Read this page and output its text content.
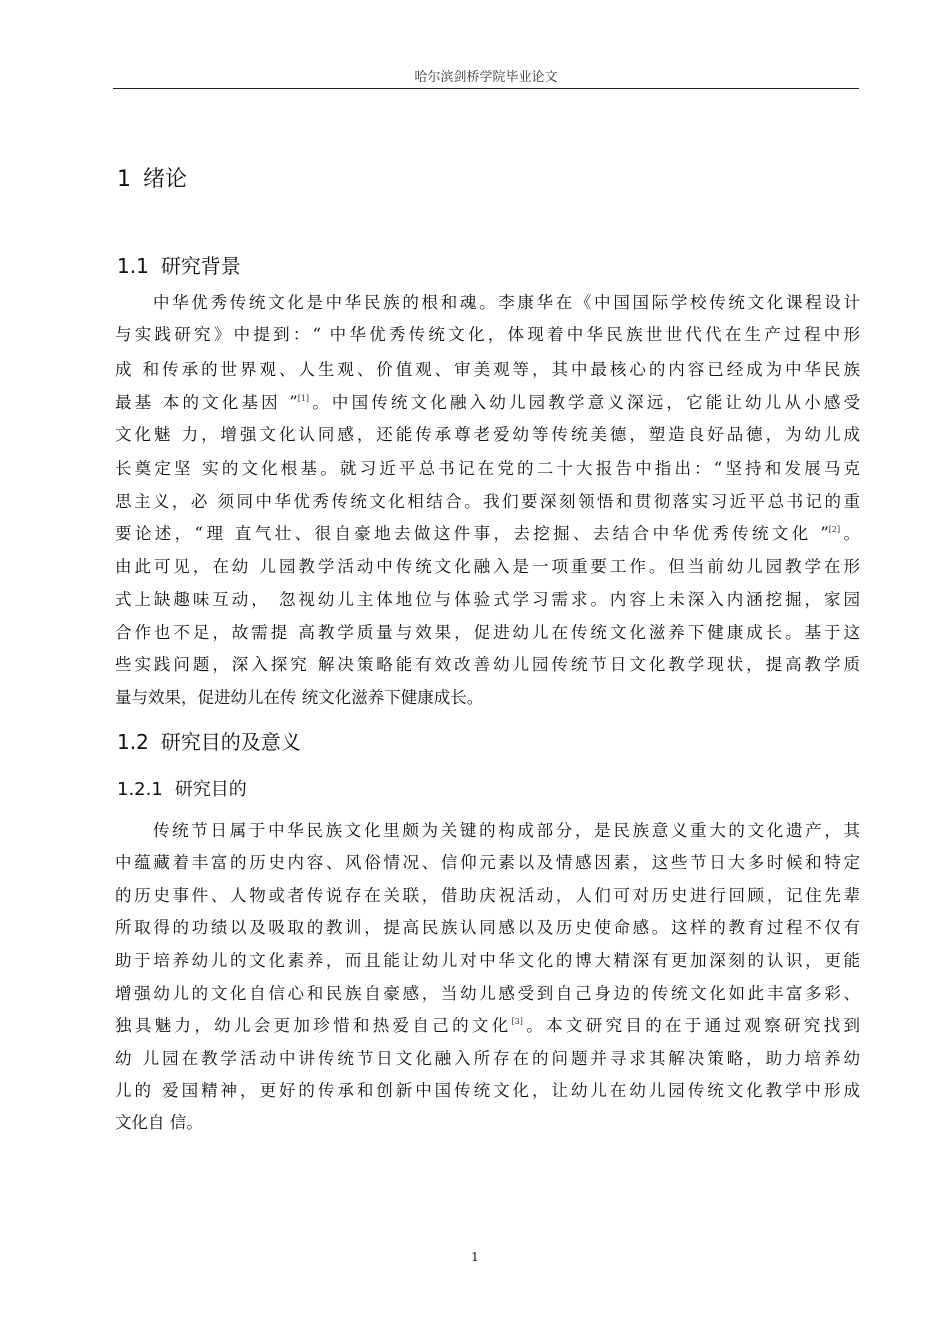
哈尔滨剑桥学院毕业论文
1 绪论
1.1 研究背景
中华优秀传统文化是中华民族的根和魂。李康华在《中国国际学校传统文化课程设计
与实践研究》中提到：“ 中华优秀传统文化，体现着中华民族世世代代在生产过程中形
成 和传承的世界观、人生观、价值观、审美观等，其中最核心的内容已经成为中华民族
最基 本的文化基因 ”[1]。中国传统文化融入幼儿园教学意义深远，它能让幼儿从小感受
文化魅 力，增强文化认同感，还能传承尊老爱幼等传统美德，塑造良好品德，为幼儿成
长奠定坚 实的文化根基。就习近平总书记在党的二十大报告中指出：“坚持和发展马克
思主义，必 须同中华优秀传统文化相结合。我们要深刻领悟和贯彻落实习近平总书记的重
要论述，“理 直气壮、很自豪地去做这件事，去挖掘、去结合中华优秀传统文化 ”[2]。
由此可见，在幼 儿园教学活动中传统文化融入是一项重要工作。但当前幼儿园教学在形
式上缺趣味互动， 忽视幼儿主体地位与体验式学习需求。内容上未深入内涵挖掘，家园
合作也不足，故需提 高教学质量与效果，促进幼儿在传统文化滋养下健康成长。基于这
些实践问题，深入探究 解决策略能有效改善幼儿园传统节日文化教学现状，提高教学质
量与效果，促进幼儿在传 统文化滋养下健康成长。
1.2 研究目的及意义
1.2.1 研究目的
传统节日属于中华民族文化里颇为关键的构成部分，是民族意义重大的文化遗产，其
中蕴藏着丰富的历史内容、风俗情况、信仰元素以及情感因素，这些节日大多时候和特定
的历史事件、人物或者传说存在关联，借助庆祝活动，人们可对历史进行回顾，记住先辈
所取得的功绩以及吸取的教训，提高民族认同感以及历史使命感。这样的教育过程不仅有
助于培养幼儿的文化素养，而且能让幼儿对中华文化的博大精深有更加深刻的认识，更能
增强幼儿的文化自信心和民族自豪感，当幼儿感受到自己身边的传统文化如此丰富多彩、
独具魅力，幼儿会更加珍惜和热爱自己的文化[3]。本文研究目的在于通过观察研究找到
幼 儿园在教学活动中讲传统节日文化融入所存在的问题并寻求其解决策略，助力培养幼
儿的 爱国精神，更好的传承和创新中国传统文化，让幼儿在幼儿园传统文化教学中形成
文化自 信。
1
